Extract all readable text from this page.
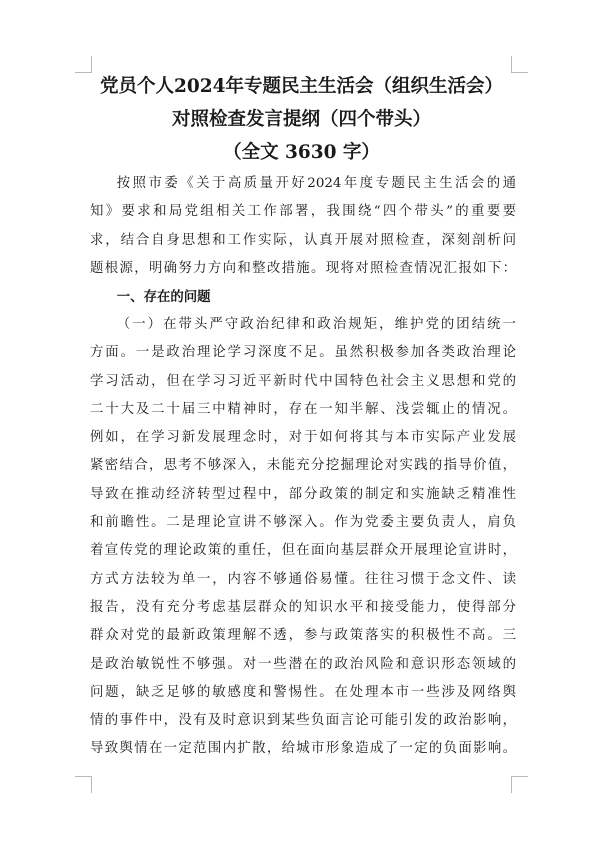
党员个人2024年专题民主生活会（组织生活会）
对照检查发言提纲（四个带头）
（全文 3630 字）
按照市委《关于高质量开好2024年度专题民主生活会的通
知》要求和局党组相关工作部署，我围绕“四个带头”的重要要
求，结合自身思想和工作实际，认真开展对照检查，深刻剖析问
题根源，明确努力方向和整改措施。现将对照检查情况汇报如下：
一、存在的问题
（一）在带头严守政治纪律和政治规矩，维护党的团结统一
方面。一是政治理论学习深度不足。虽然积极参加各类政治理论
学习活动，但在学习习近平新时代中国特色社会主义思想和党的
二十大及二十届三中精神时，存在一知半解、浅尝辄止的情况。
例如，在学习新发展理念时，对于如何将其与本市实际产业发展
紧密结合，思考不够深入，未能充分挖掘理论对实践的指导价值，
导致在推动经济转型过程中，部分政策的制定和实施缺乏精准性
和前瞻性。二是理论宣讲不够深入。作为党委主要负责人，肩负
着宣传党的理论政策的重任，但在面向基层群众开展理论宣讲时，
方式方法较为单一，内容不够通俗易懂。往往习惯于念文件、读
报告，没有充分考虑基层群众的知识水平和接受能力，使得部分
群众对党的最新政策理解不透，参与政策落实的积极性不高。三
是政治敏锐性不够强。对一些潜在的政治风险和意识形态领域的
问题，缺乏足够的敏感度和警惕性。在处理本市一些涉及网络舆
情的事件中，没有及时意识到某些负面言论可能引发的政治影响，
导致舆情在一定范围内扩散，给城市形象造成了一定的负面影响。
